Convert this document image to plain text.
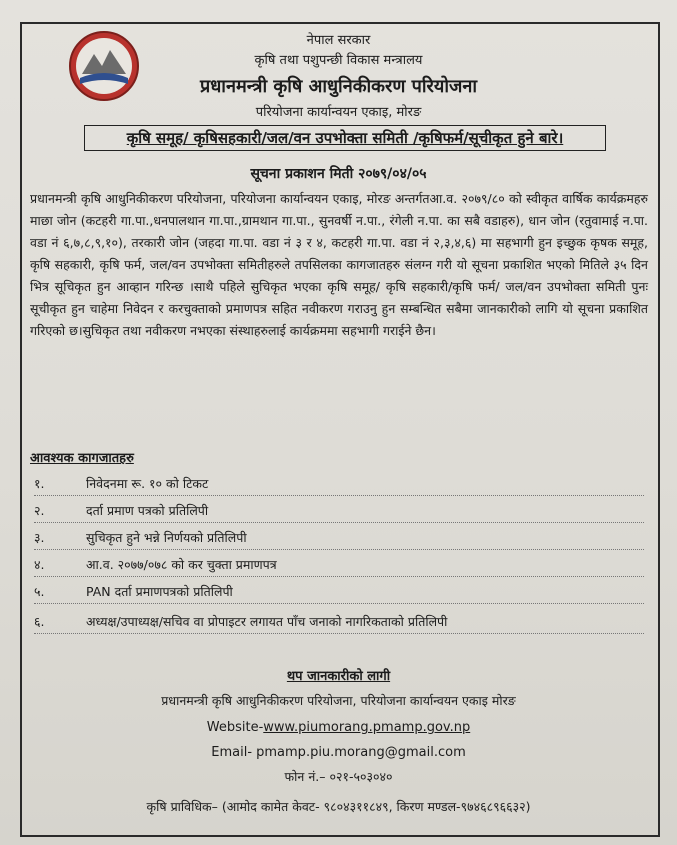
नेपाल सरकार
कृषि तथा पशुपन्छी विकास मन्त्रालय
प्रधानमन्त्री कृषि आधुनिकीकरण परियोजना
परियोजना कार्यान्वयन एकाइ, मोरङ
कृषि समूह/ कृषिसहकारी/जल/वन उपभोक्ता समिती /कृषिफर्म/सूचीकृत हुने बारे।
सूचना प्रकाशन मिती २०७९/०४/०५
प्रधानमन्त्री कृषि आधुनिकीकरण परियोजना, परियोजना कार्यान्वयन एकाइ, मोरङ अन्तर्गतआ.व. २०७९/८० को स्वीकृत वार्षिक कार्यक्रमहरु माछा जोन (कटहरी गा.पा.,धनपालथान गा.पा.,ग्रामथान गा.पा., सुनवर्षी न.पा., रंगेली न.पा. का सबै वडाहरु), धान जोन (रतुवामाई न.पा. वडा नं ६,७,८,९,१०), तरकारी जोन (जहदा गा.पा. वडा नं ३ र ४, कटहरी गा.पा. वडा नं २,३,४,६) मा सहभागी हुन इच्छुक कृषक समूह, कृषि सहकारी, कृषि फर्म, जल/वन उपभोक्ता समितीहरुले तपसिलका कागजातहरु संलग्न गरी यो सूचना प्रकाशित भएको मितिले ३५ दिन भित्र सूचिकृत हुन आव्हान गरिन्छ ।साथै पहिले सुचिकृत भएका कृषि समूह/ कृषि सहकारी/कृषि फर्म/ जल/वन उपभोक्ता समिती पुनः सूचीकृत हुन चाहेमा निवेदन र करचुक्ताको प्रमाणपत्र सहित नवीकरण गराउनु हुन सम्बन्धित सबैमा जानकारीको लागि यो सूचना प्रकाशित गरिएको छ।सुचिकृत तथा नवीकरण नभएका संस्थाहरुलाई कार्यक्रममा सहभागी गराईने छैन।
आवश्यक कागजातहरु
१.	निवेदनमा रू. १० को टिकट
२.	दर्ता प्रमाण पत्रको प्रतिलिपी
३.	सुचिकृत हुने भन्ने निर्णयको प्रतिलिपी
४.	आ.व. २०७७/०७८ को कर चुक्ता प्रमाणपत्र
५.	PAN दर्ता प्रमाणपत्रको प्रतिलिपी
६.	अध्यक्ष/उपाध्यक्ष/सचिव वा प्रोपाइटर लगायत पाँच जनाको नागरिकताको प्रतिलिपी
थप जानकारीको लागी
प्रधानमन्त्री कृषि आधुनिकीकरण परियोजना, परियोजना कार्यान्वयन एकाइ मोरङ
Website-www.piumorang.pmamp.gov.np
Email- pmamp.piu.morang@gmail.com
फोन नं.– ०२१-५०३०४०
कृषि प्राविधिक– (आमोद कामेत केवट- ९८०४३११८४९, किरण मण्डल-९७४६८९६६३२)
